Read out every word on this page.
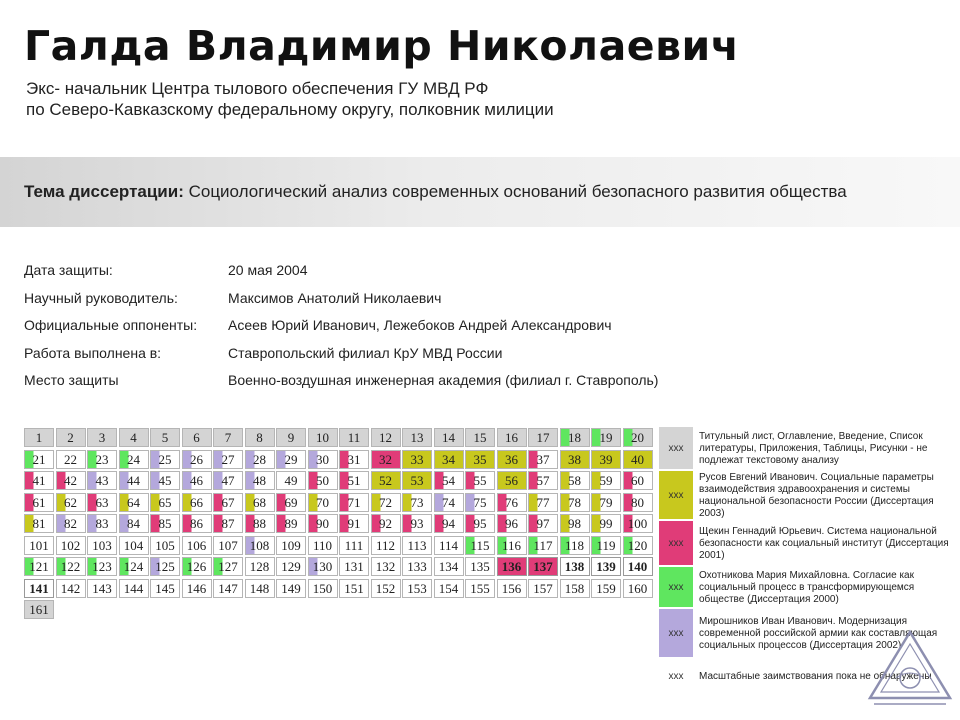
Галда Владимир Николаевич
Экс- начальник Центра тылового обеспечения ГУ МВД РФ
по Северо-Кавказскому федеральному округу, полковник милиции
Тема диссертации: Социологический анализ современных оснований безопасного развития общества
Дата защиты:	20 мая 2004
Научный руководитель:	Максимов Анатолий Николаевич
Официальные оппоненты: Асеев Юрий Иванович, Лежебоков Андрей Александрович
Работа выполнена в:	Ставропольский филиал КрУ МВД России
Место защиты	Военно-воздушная инженерная академия (филиал г. Ставрополь)
1	2	3	4	5	6	7	8	9	10	11	12	13	14	15	16	17	18	19	20
21	22	23	24	25	26	27	28	29	30	31	32	33	34	35	36	37	38	39	40
41	42	43	44	45	46	47	48	49	50	51	52	53	54	55	56	57	58	59	60
61	62	63	64	65	66	67	68	69	70	71	72	73	74	75	76	77	78	79	80
81	82	83	84	85	86	87	88	89	90	91	92	93	94	95	96	97	98	99	100
101 102 103 104 105 106 107 108 109 110 111 112 113 114 115 116 117 118 119 120
121 122 123 124 125 126 127 128 129 130 131 132 133 134 135 136 137 138 139 140
141 142 143 144 145 146 147 148 149 150 151 152 153 154 155 156 157 158 159 160
161
xxx
Титульный лист, Оглавление, Введение, Список литературы, Приложения, Таблицы, Рисунки - не подлежат текстовому анализу
xxx
Русов Евгений Иванович. Социальные параметры взаимодействия здравоохранения и системы национальной безопасности России (Диссертация 2003)
xxx
Щекин Геннадий Юрьевич. Система национальной безопасности как социальный институт (Диссертация 2001)
xxx
Охотникова Мария Михайловна. Согласие как социальный процесс в трансформирующемся обществе (Диссертация 2000)
xxx
Мирошников Иван Иванович. Модернизация современной российской армии как составляющая социальных процессов (Диссертация 2002)
xxx	Масштабные заимствования пока не обнаружены
